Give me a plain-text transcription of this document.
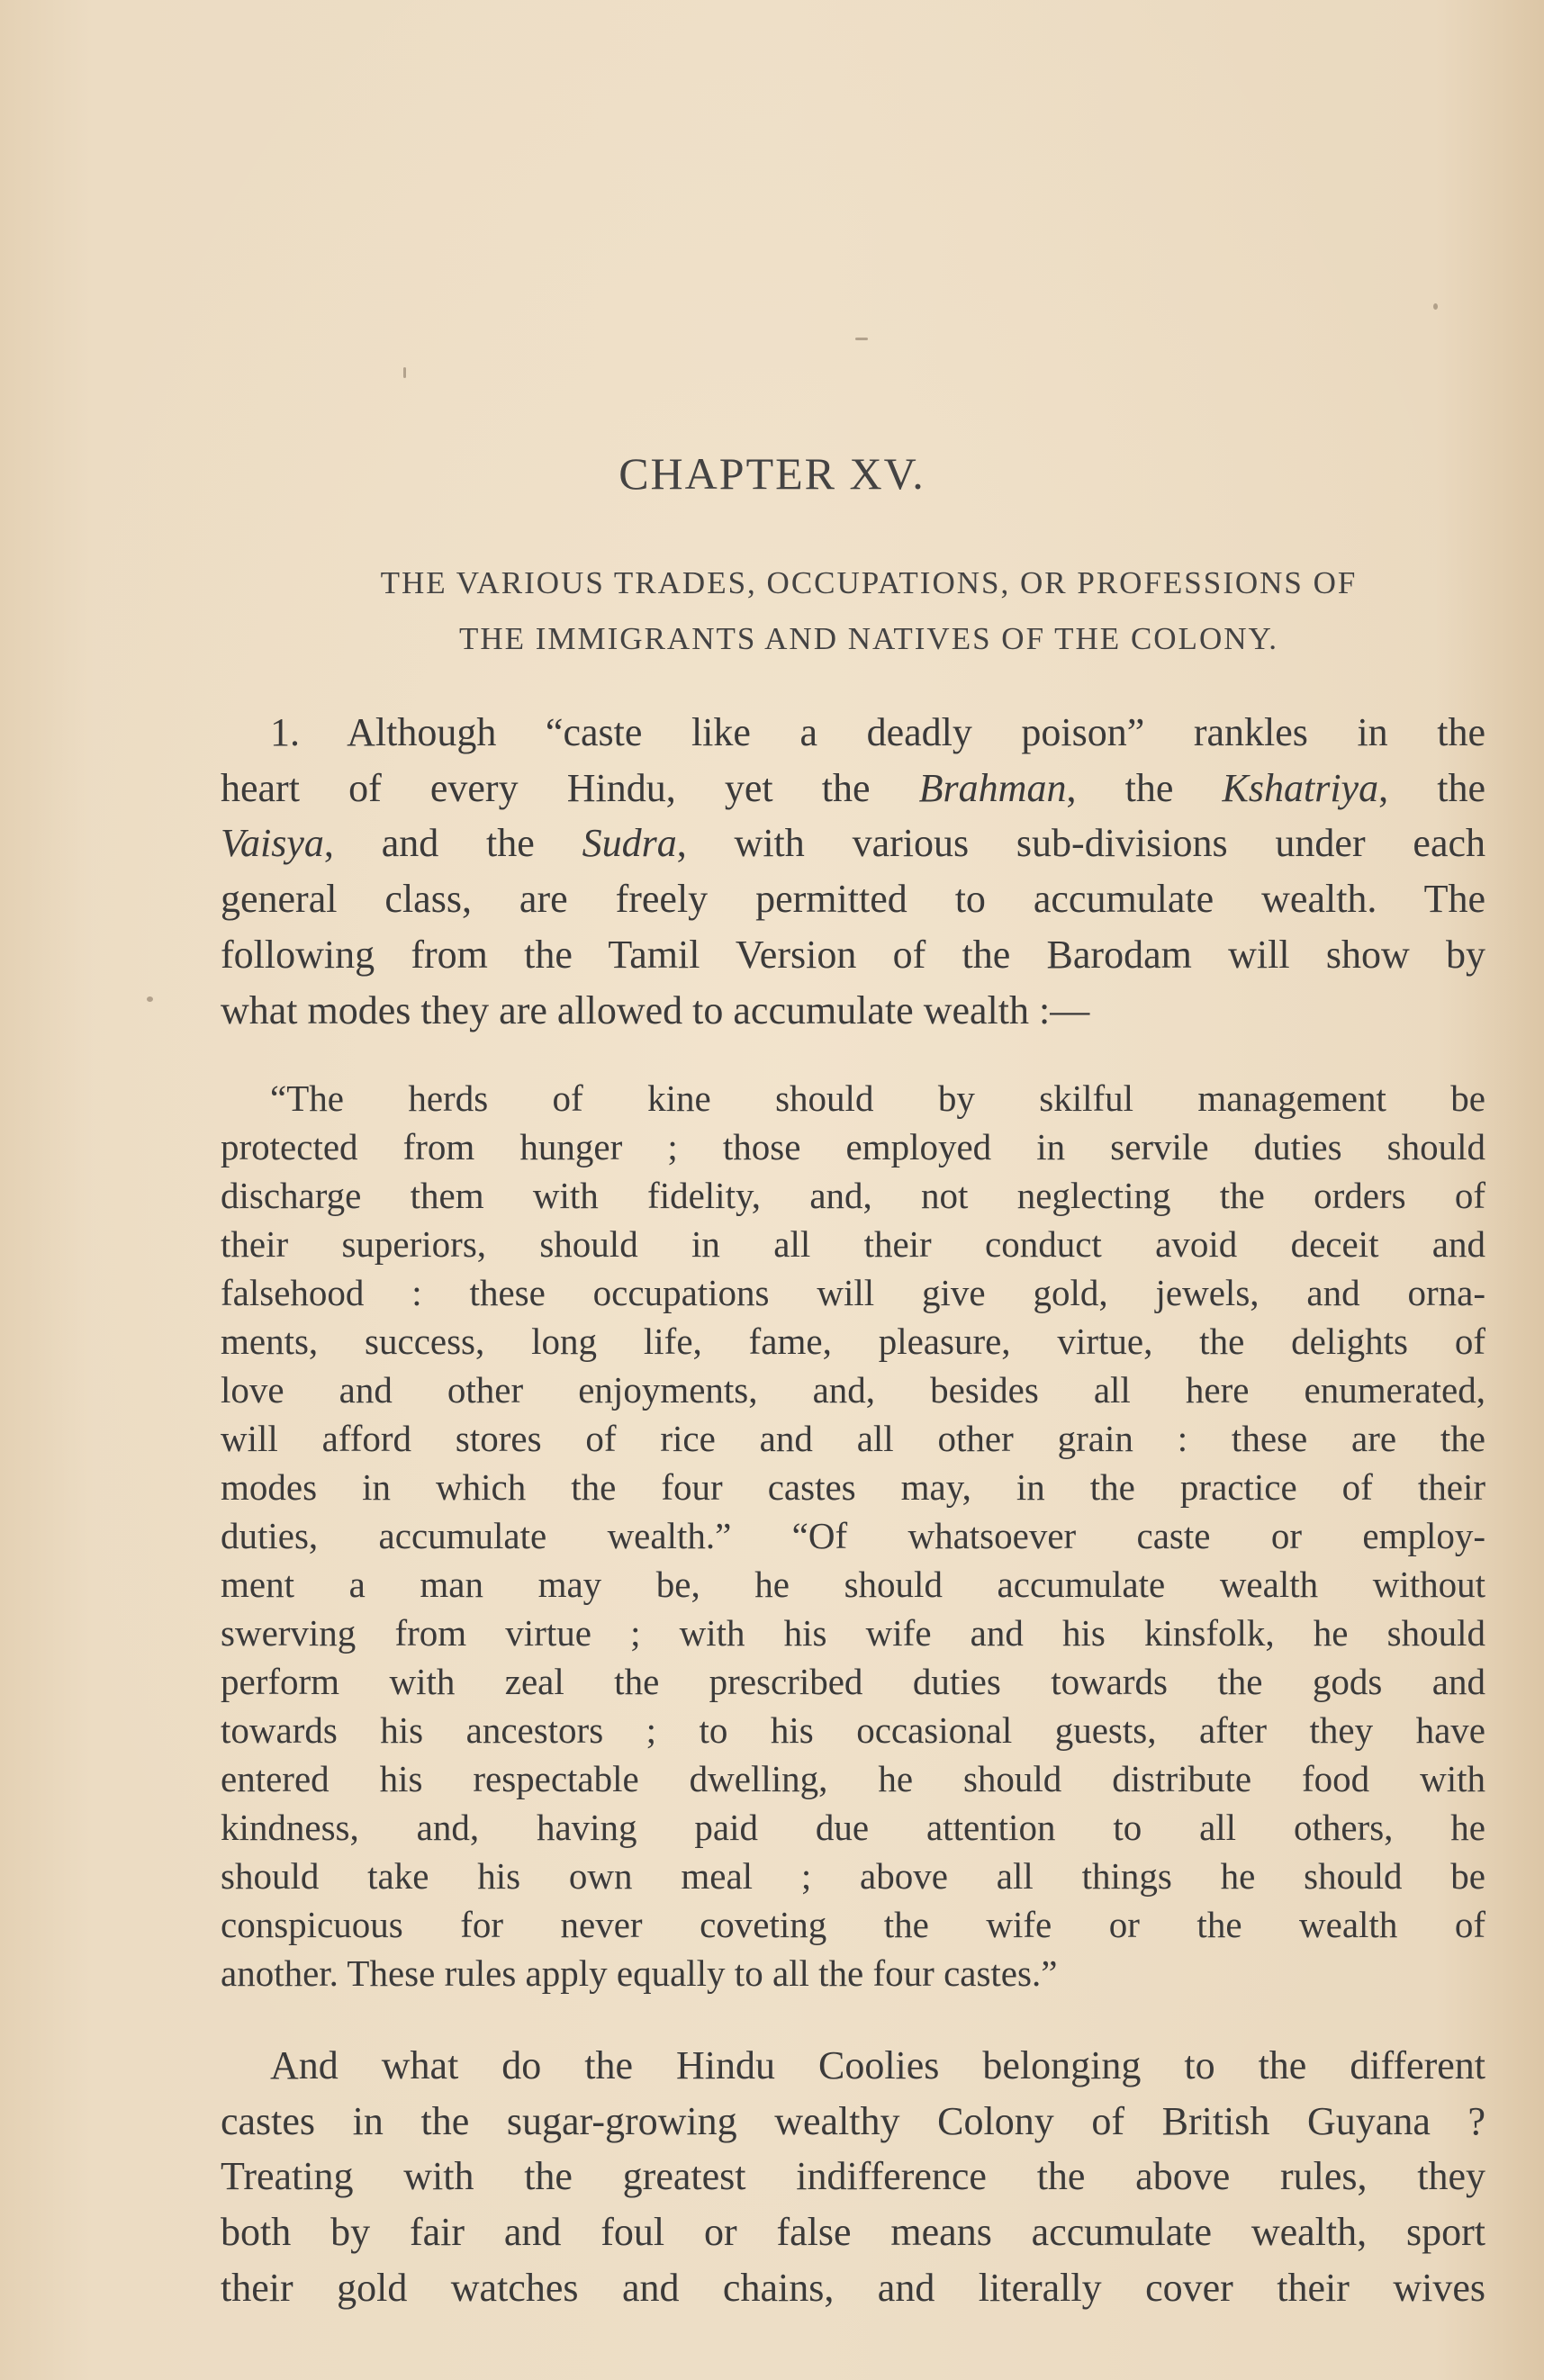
CHAPTER XV.
THE VARIOUS TRADES, OCCUPATIONS, OR PROFESSIONS OF
THE IMMIGRANTS AND NATIVES OF THE COLONY.
1. Although “caste like a deadly poison” rankles in the
heart of every Hindu, yet the Brahman, the Kshatriya, the
Vaisya, and the Sudra, with various sub-divisions under each
general class, are freely permitted to accumulate wealth. The
following from the Tamil Version of the Barodam will show by
what modes they are allowed to accumulate wealth :—
“The herds of kine should by skilful management be
protected from hunger ; those employed in servile duties should
discharge them with fidelity, and, not neglecting the orders of
their superiors, should in all their conduct avoid deceit and
falsehood : these occupations will give gold, jewels, and orna-
ments, success, long life, fame, pleasure, virtue, the delights of
love and other enjoyments, and, besides all here enumerated,
will afford stores of rice and all other grain : these are the
modes in which the four castes may, in the practice of their
duties, accumulate wealth.” “Of whatsoever caste or employ-
ment a man may be, he should accumulate wealth without
swerving from virtue ; with his wife and his kinsfolk, he should
perform with zeal the prescribed duties towards the gods and
towards his ancestors ; to his occasional guests, after they have
entered his respectable dwelling, he should distribute food with
kindness, and, having paid due attention to all others, he
should take his own meal ; above all things he should be
conspicuous for never coveting the wife or the wealth of
another. These rules apply equally to all the four castes.”
And what do the Hindu Coolies belonging to the different
castes in the sugar-growing wealthy Colony of British Guyana ?
Treating with the greatest indifference the above rules, they
both by fair and foul or false means accumulate wealth, sport
their gold watches and chains, and literally cover their wives
